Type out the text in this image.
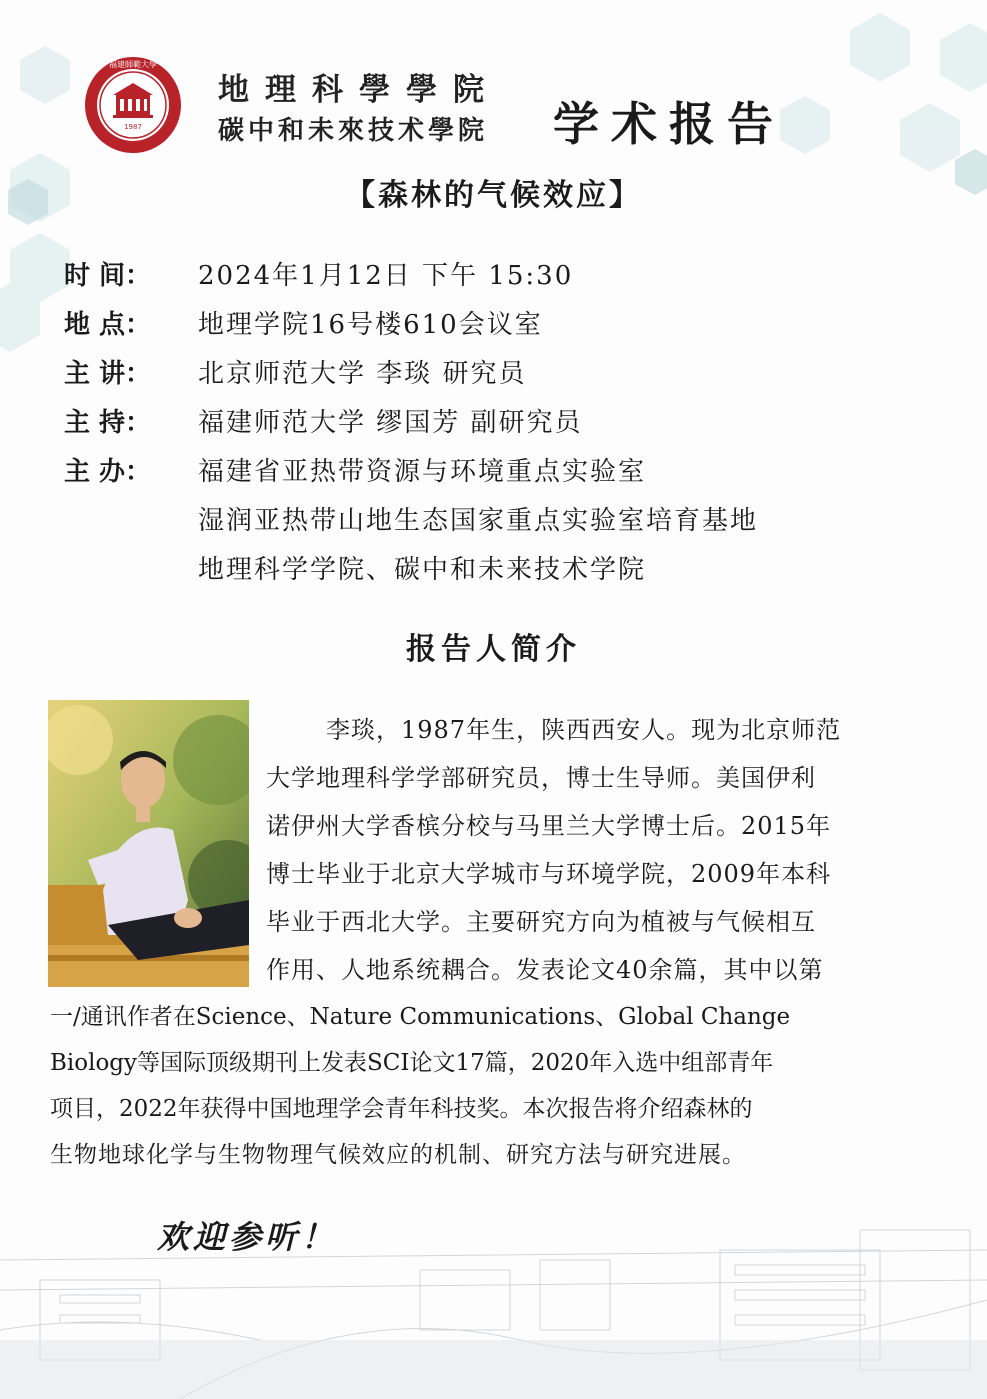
1987
福建師範大學
地理科學學院
碳中和未來技术學院 学术报告
【森林的气候效应】
时 间：	2024年1月12日 下午 15:30
地 点：	地理学院16号楼610会议室
主 讲：	北京师范大学 李琰 研究员
主 持：	福建师范大学 缪国芳 副研究员
主 办：	福建省亚热带资源与环境重点实验室
湿润亚热带山地生态国家重点实验室培育基地
地理科学学院、碳中和未来技术学院
报告人简介
李琰，1987年生，陕西西安人。现为北京师范
大学地理科学学部研究员，博士生导师。美国伊利
诺伊州大学香槟分校与马里兰大学博士后。2015年
博士毕业于北京大学城市与环境学院，2009年本科
毕业于西北大学。主要研究方向为植被与气候相互
作用、人地系统耦合。发表论文40余篇，其中以第
一/通讯作者在Science、Nature Communications、Global Change
Biology等国际顶级期刊上发表SCI论文17篇，2020年入选中组部青年
项目，2022年获得中国地理学会青年科技奖。本次报告将介绍森林的
生物地球化学与生物物理气候效应的机制、研究方法与研究进展。
欢迎参听！
